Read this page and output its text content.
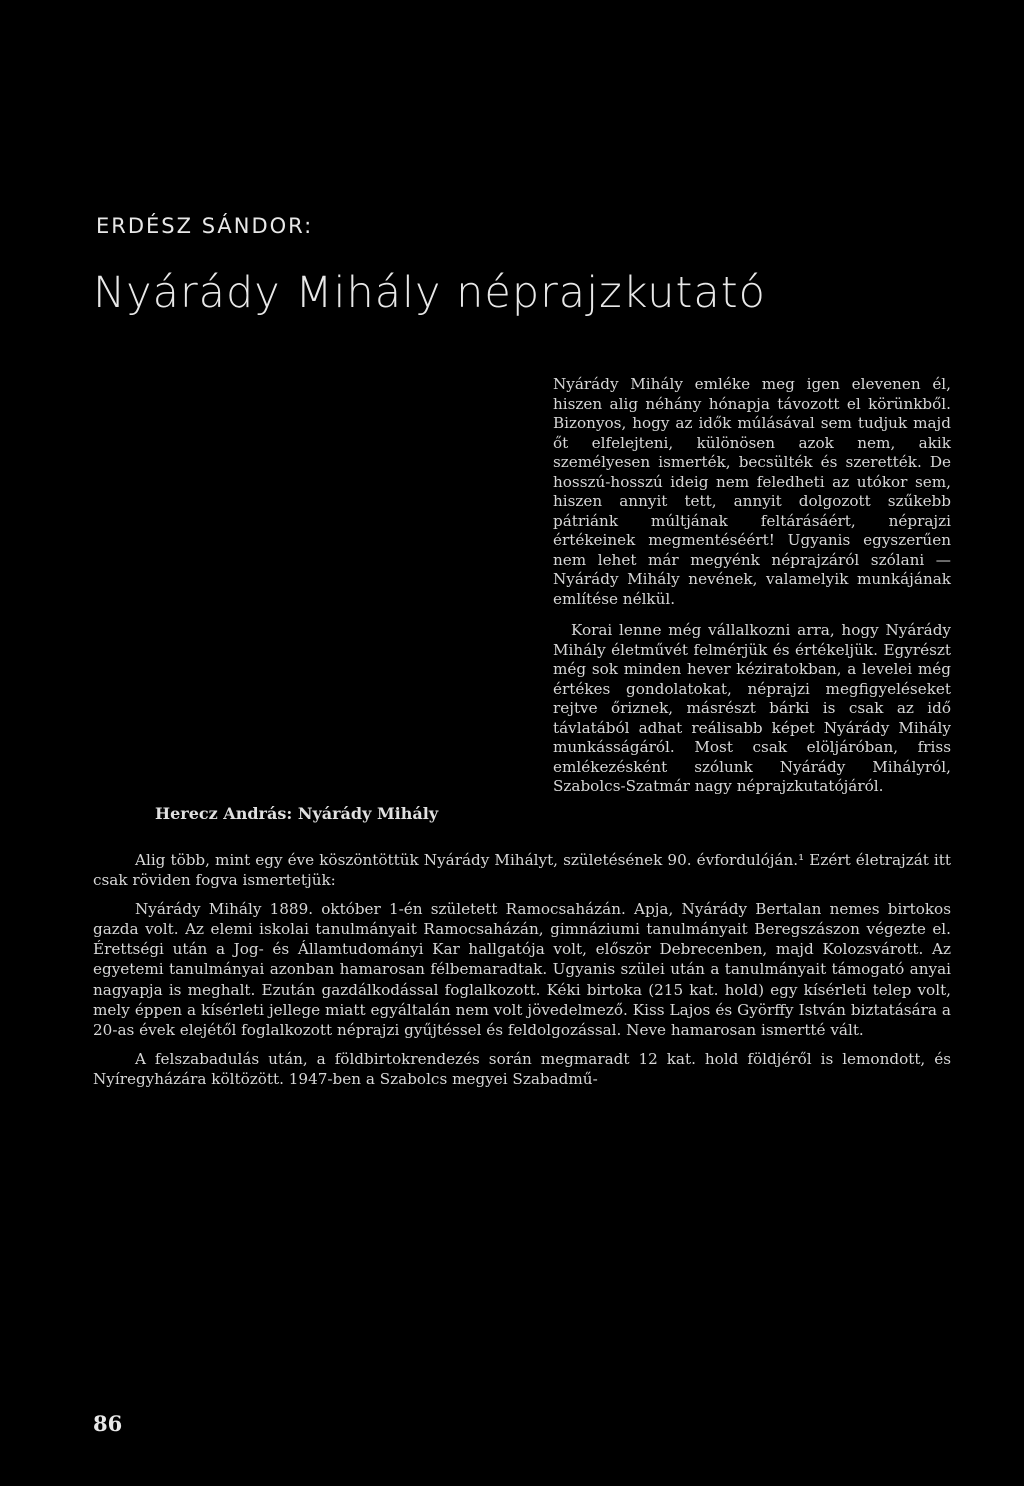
ERDÉSZ SÁNDOR:
Nyárády Mihály néprajzkutató

Nyárády Mihály emléke meg igen elevenen él, hiszen alig néhány hónapja távozott el körünkből. Bizonyos, hogy az idők múlásával sem tudjuk majd őt elfelejteni, különösen azok nem, akik személyesen ismerték, becsülték és szerették. De hosszú-hosszú ideig nem feledheti az utókor sem, hiszen annyit tett, annyit dolgozott szűkebb pátriánk múltjának feltárásáért, néprajzi értékeinek megmentéséért! Ugyanis egyszerűen nem lehet már megyénk néprajzáról szólani — Nyárády Mihály nevének, valamelyik munkájának említése nélkül.

Korai lenne még vállalkozni arra, hogy Nyárády Mihály életművét felmérjük és értékeljük. Egyrészt még sok minden hever kéziratokban, a levelei még értékes gondolatokat, néprajzi megfigyeléseket rejtve őriznek, másrészt bárki is csak az idő távlatából adhat reálisabb képet Nyárády Mihály munkásságáról. Most csak elöljáróban, friss emlékezésként szólunk Nyárády Mihályról, Szabolcs-Szatmár nagy néprajzkutatójáról.

Herecz András: Nyárády Mihály

Alig több, mint egy éve köszöntöttük Nyárády Mihályt, születésének 90. évfordulóján.¹ Ezért életrajzát itt csak röviden fogva ismertetjük:

Nyárády Mihály 1889. október 1-én született Ramocsaházán. Apja, Nyárády Bertalan nemes birtokos gazda volt. Az elemi iskolai tanulmányait Ramocsaházán, gimnáziumi tanulmányait Beregszászon végezte el. Érettségi után a Jog- és Államtudományi Kar hallgatója volt, először Debrecenben, majd Kolozsvárott. Az egyetemi tanulmányai azonban hamarosan félbemaradtak. Ugyanis szülei után a tanulmányait támogató anyai nagyapja is meghalt. Ezután gazdálkodással foglalkozott. Kéki birtoka (215 kat. hold) egy kísérleti telep volt, mely éppen a kísérleti jellege miatt egyáltalán nem volt jövedelmező. Kiss Lajos és Györffy István biztatására a 20-as évek elejétől foglalkozott néprajzi gyűjtéssel és feldolgozással. Neve hamarosan ismertté vált.

A felszabadulás után, a földbirtokrendezés során megmaradt 12 kat. hold földjéről is lemondott, és Nyíregyházára költözött. 1947-ben a Szabolcs megyei Szabadmű-

86
